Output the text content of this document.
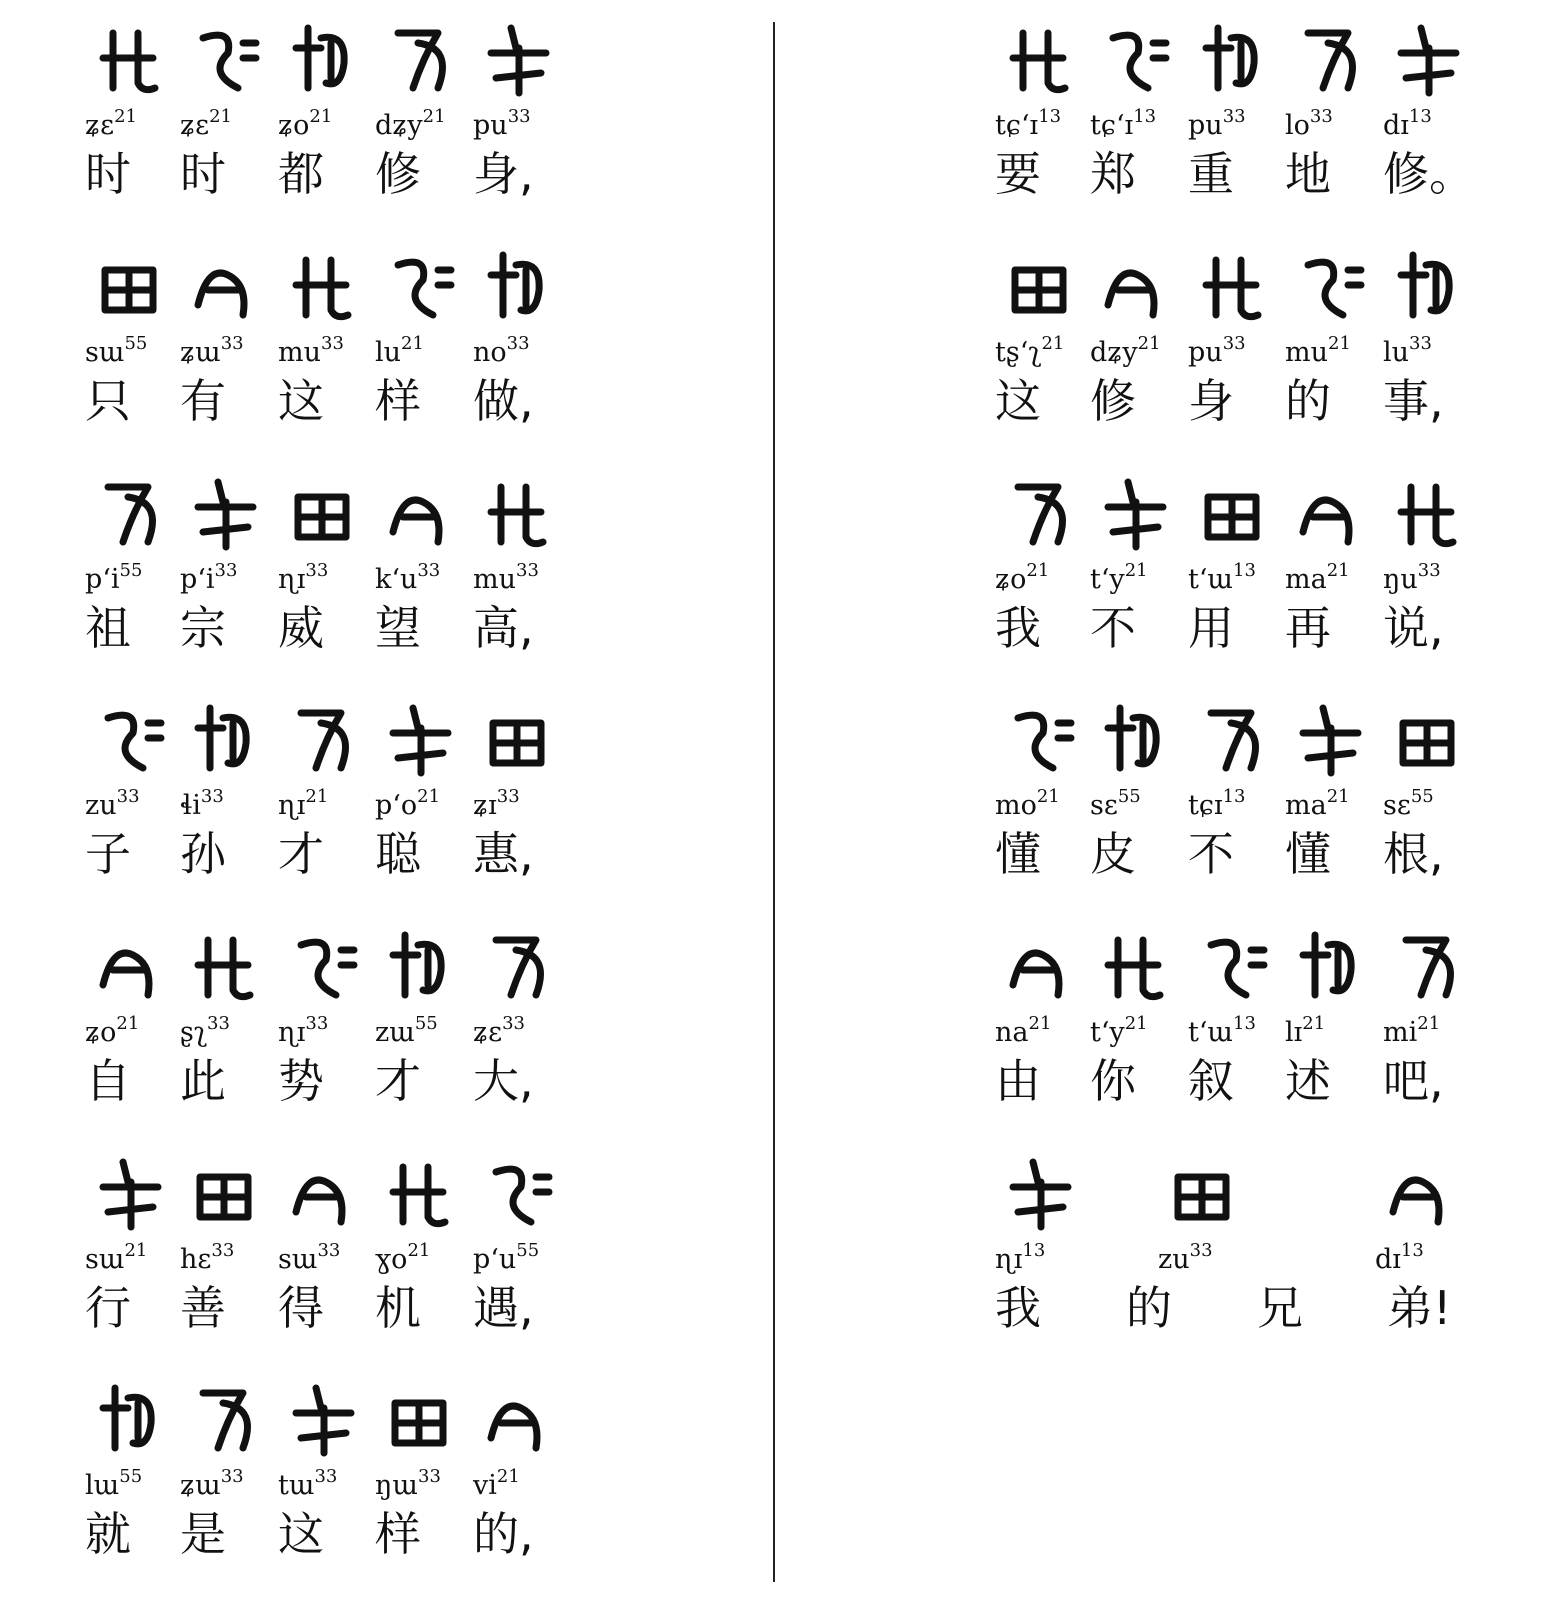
ʑɛ$^{21}$ ʑɛ$^{21}$ ʑo$^{21}$ dʑy$^{21}$ $pu^{33}$
时 时 都 修 身,
sɯ$^{55}$ ʑɯ$^{33}$ $mu^{33}$ $lu^{21}$ $no^{33}$
只 有 这 样 做,
pʻi$^{55}$ pʻi$^{33}$ ɳɪ$^{33}$ kʻu$^{33}$ $mu^{33}$
祖 宗 威 望 高,
$zu^{33}$ ɬi$^{33}$ ɳɪ$^{21}$ pʻo$^{21}$ ʑɪ$^{33}$
子 孙 才 聪 惠,
ʑo$^{21}$ ʂʅ$^{33}$ ɳɪ$^{33}$ zɯ$^{55}$ ʑɛ$^{33}$
自 此 势 才 大,
sɯ$^{21}$ hɛ$^{33}$ sɯ$^{33}$ ɣo$^{21}$ pʻu$^{55}$
行 善 得 机 遇,
lɯ$^{55}$ ʑɯ$^{33}$ tɯ$^{33}$ ŋɯ$^{33}$ $vi^{21}$
就 是 这 样 的,
tɕʻɪ$^{13}$ tɕʻɪ$^{13}$ $pu^{33}$ $lo^{33}$ dɪ$^{13}$
要 郑 重 地 修。
tʂʻʅ$^{21}$ dʑy$^{21}$ $pu^{33}$ $mu^{21}$ $lu^{33}$
这 修 身 的 事,
ʑo$^{21}$ tʻy$^{21}$ tʻɯ$^{13}$ $ma^{21}$ $ŋu^{33}$
我 不 用 再 说,
$mo^{21}$ sɛ$^{55}$ tɕɪ$^{13}$ $ma^{21}$ sɛ$^{55}$
懂 皮 不 懂 根,
$na^{21}$ tʻy$^{21}$ tʻɯ$^{13}$ lɪ$^{21}$ $mi^{21}$
由 你 叙 述 吧,
ɳɪ$^{13}$	$zu^{33}$	dɪ$^{13}$
我 的 兄 弟!
